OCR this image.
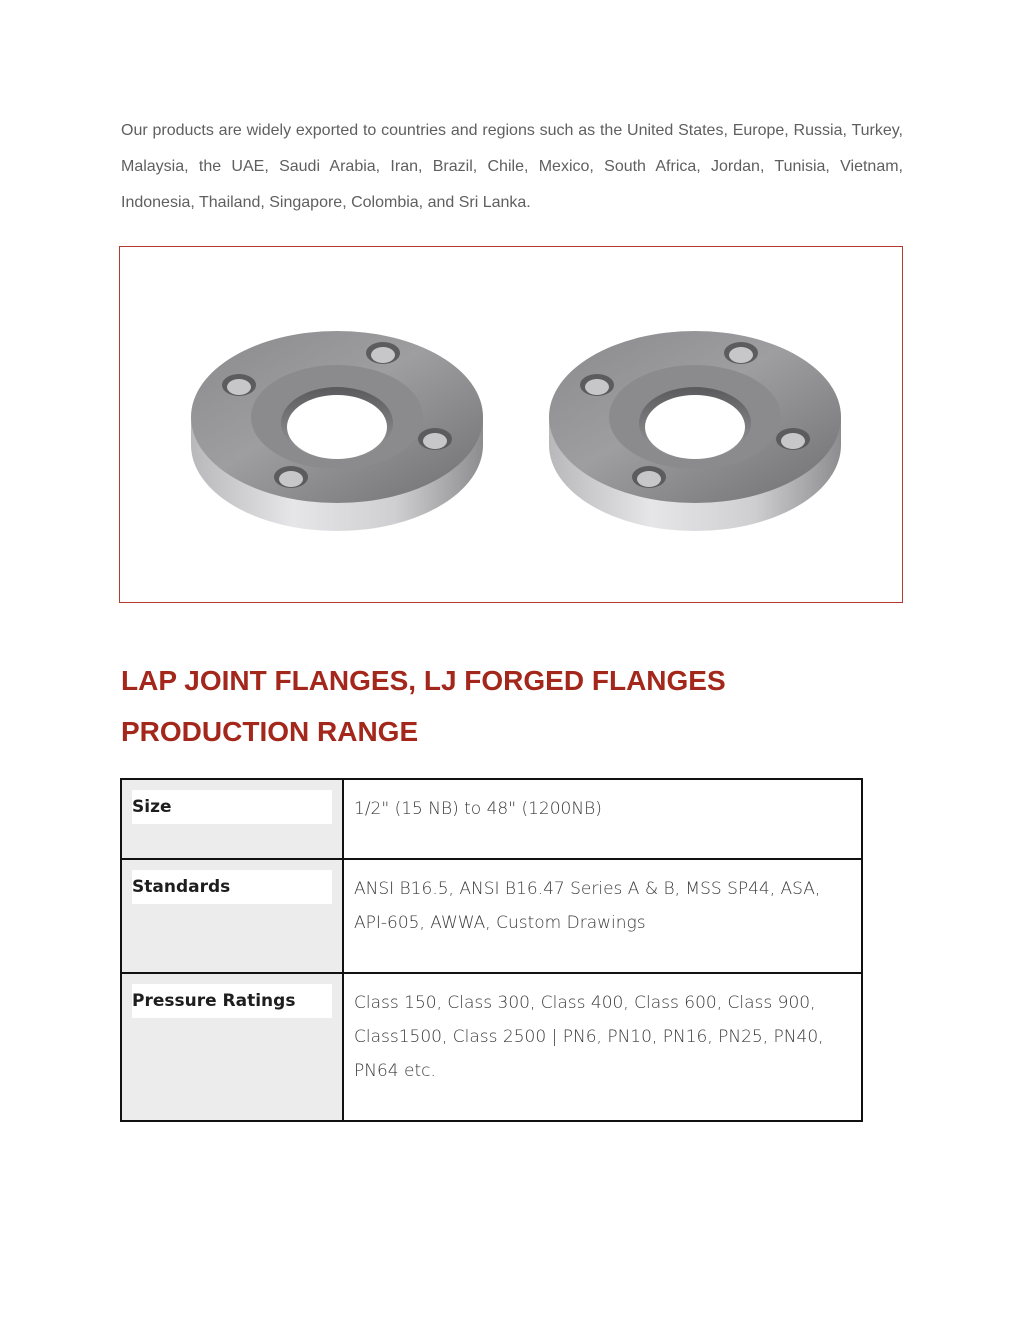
Our products are widely exported to countries and regions such as the United States, Europe, Russia, Turkey, Malaysia, the UAE, Saudi Arabia, Iran, Brazil, Chile, Mexico, South Africa, Jordan, Tunisia, Vietnam, Indonesia, Thailand, Singapore, Colombia, and Sri Lanka.

LAP JOINT FLANGES, LJ FORGED FLANGES
PRODUCTION RANGE
Size	1/2" (15 NB) to 48" (1200NB)

Standards	ANSI B16.5, ANSI B16.47 Series A & B, MSS SP44, ASA, API-605, AWWA, Custom Drawings

Pressure Ratings	Class 150, Class 300, Class 400, Class 600, Class 900, Class1500, Class 2500 | PN6, PN10, PN16, PN25, PN40, PN64 etc.
